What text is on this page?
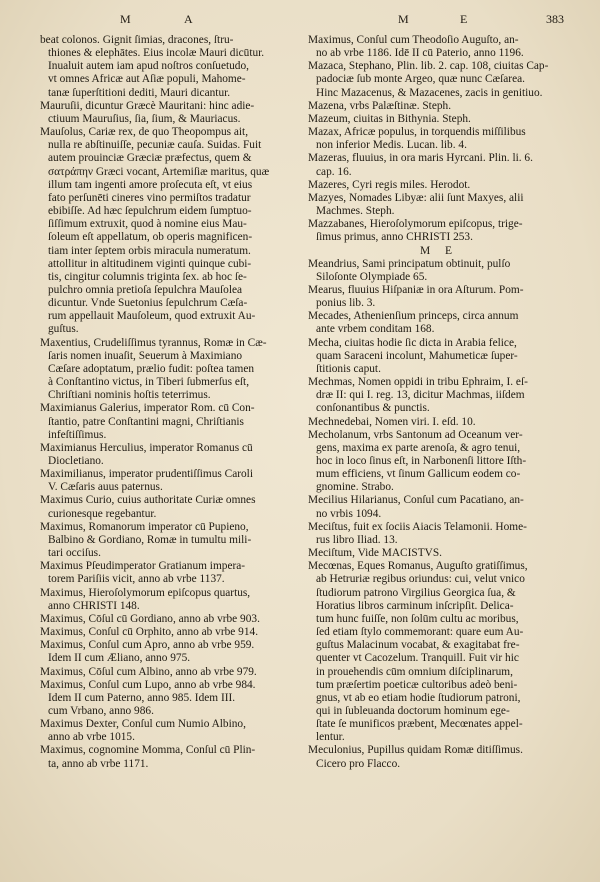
M	A	M	E	383

beat colonos. Gignit ſimias, dracones, ſtru-
thiones & elephātes. Eius incolæ Mauri dicūtur.
Inualuit autem iam apud noſtros conſuetudo,
vt omnes Africæ aut Aſiæ populi, Mahome-
tanæ ſuperſtitioni dediti, Mauri dicantur.

Mauruſii, dicuntur Græcè Mauritani: hinc adie-
ctiuum Mauruſius, ſia, ſium, & Mauriacus.

Mauſolus, Cariæ rex, de quo Theopompus ait,
nulla re abſtinuiſſe, pecuniæ cauſa. Suidas. Fuit
autem prouinciæ Græciæ præfectus, quem &
σατράπην Græci vocant, Artemiſiæ maritus, quæ
illum tam ingenti amore proſecuta eſt, vt eius
fato perſunēti cineres vino permiſtos tradatur
ebibiſſe. Ad hæc ſepulchrum eidem ſumptuo-
ſiſſimum extruxit, quod à nomine eius Mau-
ſoleum eſt appellatum, ob operis magnificen-
tiam inter ſeptem orbis miracula numeratum.
attollitur in altitudinem viginti quinque cubi-
tis, cingitur columnis triginta ſex. ab hoc ſe-
pulchro omnia pretioſa ſepulchra Mauſolea
dicuntur. Vnde Suetonius ſepulchrum Cæſa-
rum appellauit Mauſoleum, quod extruxit Au-
guſtus.

Maxentius, Crudeliſſimus tyrannus, Romæ in Cæ-
ſaris nomen inuaſit, Seuerum à Maximiano
Cæſare adoptatum, prælio fudit: poſtea tamen
à Conſtantino victus, in Tiberi ſubmerſus eſt,
Chriſtiani nominis hoſtis teterrimus.

Maximianus Galerius, imperator Rom. cū Con-
ſtantio, patre Conſtantini magni, Chriſtianis
infeſtiſſimus.

Maximianus Herculius, imperator Romanus cū
Diocletiano.

Maximilianus, imperator prudentiſſimus Caroli
V. Cæſaris auus paternus.

Maximus Curio, cuius authoritate Curiæ omnes
curionesque regebantur.

Maximus, Romanorum imperator cū Pupieno,
Balbino & Gordiano, Romæ in tumultu mili-
tari occiſus.

Maximus Pſeudimperator Gratianum impera-
torem Pariſiis vicit, anno ab vrbe 1137.

Maximus, Hieroſolymorum epiſcopus quartus,
anno CHRISTI 148.

Maximus, Cōſul cū Gordiano, anno ab vrbe 903.

Maximus, Conſul cū Orphito, anno ab vrbe 914.

Maximus, Conſul cum Apro, anno ab vrbe 959.
Idem II cum Æliano, anno 975.

Maximus, Cōſul cum Albino, anno ab vrbe 979.

Maximus, Conſul cum Lupo, anno ab vrbe 984.
Idem II cum Paterno, anno 985. Idem III.
cum Vrbano, anno 986.

Maximus Dexter, Conſul cum Numio Albino,
anno ab vrbe 1015.

Maximus, cognomine Momma, Conſul cū Plin-
ta, anno ab vrbe 1171.

Maximus, Conſul cum Theodoſio Auguſto, an-
no ab vrbe 1186. Idē II cū Paterio, anno 1196.

Mazaca, Stephano, Plin. lib. 2. cap. 108, ciuitas Cap-
padociæ ſub monte Argeo, quæ nunc Cæſarea.
Hinc Mazacenus, & Mazacenes, zacis in genitiuo.

Mazena, vrbs Palæſtinæ. Steph.

Mazeum, ciuitas in Bithynia. Steph.

Mazax, Africæ populus, in torquendis miſſilibus
non inferior Medis. Lucan. lib. 4.

Mazeras, fluuius, in ora maris Hyrcani. Plin. li. 6.
cap. 16.

Mazeres, Cyri regis miles. Herodot.

Mazyes, Nomades Libyæ: alii ſunt Maxyes, alii
Machmes. Steph.

Mazzabanes, Hieroſolymorum epiſcopus, trige-
ſimus primus, anno CHRISTI 253.

M E

Meandrius, Sami principatum obtinuit, pulſo
Siloſonte Olympiade 65.

Mearus, fluuius Hiſpaniæ in ora Aſturum. Pom-
ponius lib. 3.

Mecades, Athenienſium princeps, circa annum
ante vrbem conditam 168.

Mecha, ciuitas hodie ſic dicta in Arabia felice,
quam Saraceni incolunt, Mahumeticæ ſuper-
ſtitionis caput.

Mechmas, Nomen oppidi in tribu Ephraim, I. eſ-
dræ II: qui I. reg. 13, dicitur Machmas, iiſdem
conſonantibus & punctis.

Mechnedebai, Nomen viri. I. eſd. 10.

Mecholanum, vrbs Santonum ad Oceanum ver-
gens, maxima ex parte arenoſa, & agro tenui,
hoc in loco ſinus eſt, in Narbonenſi littore Iſth-
mum efficiens, vt ſinum Gallicum eodem co-
gnomine. Strabo.

Mecilius Hilarianus, Conſul cum Pacatiano, an-
no vrbis 1094.

Meciſtus, fuit ex ſociis Aiacis Telamonii. Home-
rus libro Iliad. 13.

Meciſtum, Vide MACISTVS.

Mecœnas, Eques Romanus, Auguſto gratiſſimus,
ab Hetruriæ regibus oriundus: cui, velut vnico
ſtudiorum patrono Virgilius Georgica ſua, &
Horatius libros carminum inſcripſit. Delica-
tum hunc fuiſſe, non ſolūm cultu ac moribus,
ſed etiam ſtylo commemorant: quare eum Au-
guſtus Malacinum vocabat, & exagitabat fre-
quenter vt Cacozelum. Tranquill. Fuit vir hic
in prouehendis cūm omnium diſciplinarum,
tum præſertim poeticæ cultoribus adeò beni-
gnus, vt ab eo etiam hodie ſtudiorum patroni,
qui in ſubleuanda doctorum hominum ege-
ſtate ſe munificos præbent, Mecœnates appel-
lentur.

Meculonius, Pupillus quidam Romæ ditiſſimus.
Cicero pro Flacco.
